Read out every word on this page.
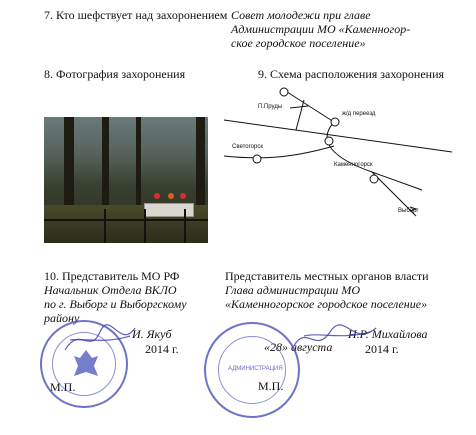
7. Кто шефствует над захоронением Совет молодежи при главе
Администрации МО «Каменногор-
ское городское поселение»
8. Фотография захоронения	9. Схема расположения захоронения
П.Пруды
ж/д переезд
Светогорск
Каменногорск
Выборг
10. Представитель МО РФ
Начальник Отдела ВКЛО
по г. Выборг и Выборгскому
району
И. Якуб
2014 г.
М.П.
Представитель местных органов власти
Глава администрации МО
«Каменногорское городское поселение»
Н.Р. Михайлова
«28» августа	2014 г.
М.П.
АДМИНИСТРАЦИЯ
